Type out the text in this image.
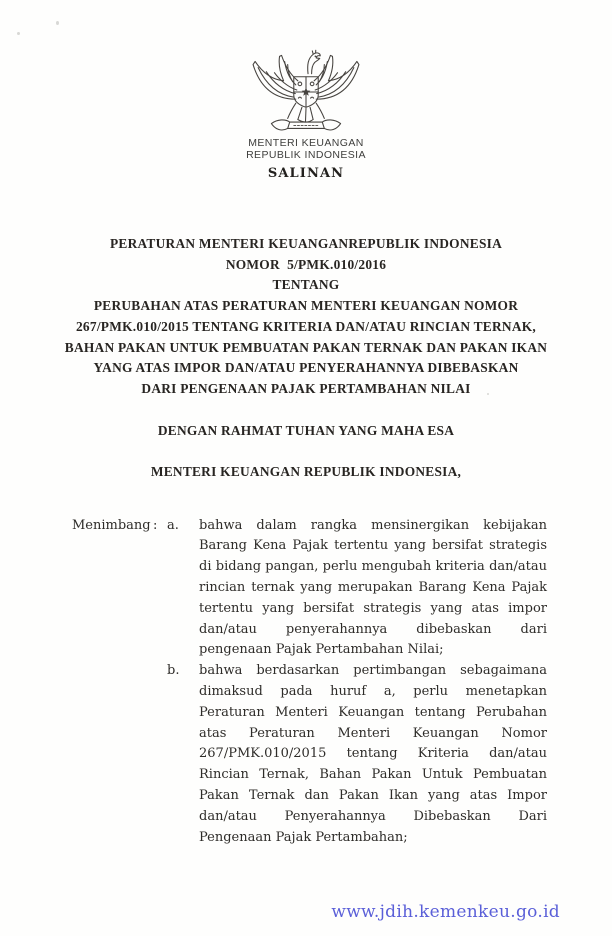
MENTERI KEUANGAN
REPUBLIK INDONESIA
SALINAN
PERATURAN MENTERI KEUANGANREPUBLIK INDONESIA
NOMOR  5/PMK.010/2016
TENTANG
PERUBAHAN ATAS PERATURAN MENTERI KEUANGAN NOMOR
267/PMK.010/2015 TENTANG KRITERIA DAN/ATAU RINCIAN TERNAK,
BAHAN PAKAN UNTUK PEMBUATAN PAKAN TERNAK DAN PAKAN IKAN
YANG ATAS IMPOR DAN/ATAU PENYERAHANNYA DIBEBASKAN
DARI PENGENAAN PAJAK PERTAMBAHAN NILAI
DENGAN RAHMAT TUHAN YANG MAHA ESA
MENTERI KEUANGAN REPUBLIK INDONESIA,
Menimbang : a.	bahwa dalam rangka mensinergikan kebijakan Barang Kena Pajak tertentu yang bersifat strategis di bidang pangan, perlu mengubah kriteria dan/atau rincian ternak yang merupakan Barang Kena Pajak tertentu yang bersifat strategis yang atas impor dan/atau penyerahannya dibebaskan dari pengenaan Pajak Pertambahan Nilai;
b.	bahwa berdasarkan pertimbangan sebagaimana dimaksud pada huruf a, perlu menetapkan Peraturan Menteri Keuangan tentang Perubahan atas Peraturan Menteri Keuangan Nomor 267/PMK.010/2015 tentang Kriteria dan/atau Rincian Ternak, Bahan Pakan Untuk Pembuatan Pakan Ternak dan Pakan Ikan yang atas Impor dan/atau Penyerahannya Dibebaskan Dari Pengenaan Pajak Pertambahan;
www.jdih.kemenkeu.go.id
